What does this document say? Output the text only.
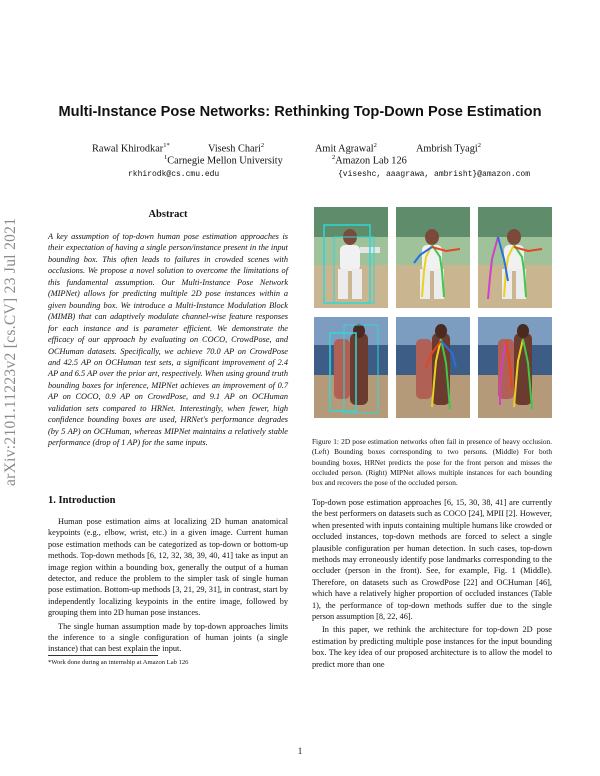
arXiv:2101.11223v2 [cs.CV] 23 Jul 2021
Multi-Instance Pose Networks: Rethinking Top-Down Pose Estimation
Rawal Khirodkar$^{1*}$	Visesh Chari$^2$	Amit Agrawal$^2$	Ambrish Tyagi$^2$
$^1$Carnegie Mellon University	$^2$Amazon Lab 126
rkhirodk@cs.cmu.edu	{viseshc, aaagrawa, ambrisht}@amazon.com
Abstract
A key assumption of top-down human pose estimation approaches is their expectation of having a single person/instance present in the input bounding box. This often leads to failures in crowded scenes with occlusions. We propose a novel solution to overcome the limitations of this fundamental assumption. Our Multi-Instance Pose Network (MIPNet) allows for predicting multiple 2D pose instances within a given bounding box. We introduce a Multi-Instance Modulation Block (MIMB) that can adaptively modulate channel-wise feature responses for each instance and is parameter efficient. We demonstrate the efficacy of our approach by evaluating on COCO, CrowdPose, and OCHuman datasets. Specifically, we achieve 70.0 AP on CrowdPose and 42.5 AP on OCHuman test sets, a significant improvement of 2.4 AP and 6.5 AP over the prior art, respectively. When using ground truth bounding boxes for inference, MIPNet achieves an improvement of 0.7 AP on COCO, 0.9 AP on CrowdPose, and 9.1 AP on OCHuman validation sets compared to HRNet. Interestingly, when fewer, high confidence bounding boxes are used, HRNet's performance degrades (by 5 AP) on OCHuman, whereas MIPNet maintains a relatively stable performance (drop of 1 AP) for the same inputs.
1. Introduction

Human pose estimation aims at localizing 2D human anatomical keypoints (e.g., elbow, wrist, etc.) in a given image. Current human pose estimation methods can be categorized as top-down or bottom-up methods. Top-down methods [6, 12, 32, 38, 39, 40, 41] take as input an image region within a bounding box, generally the output of a human detector, and reduce the problem to the simpler task of single human pose estimation. Bottom-up methods [3, 21, 29, 31], in contrast, start by independently localizing keypoints in the entire image, followed by grouping them into 2D human pose instances.

The single human assumption made by top-down approaches limits the inference to a single configuration of human joints (a single instance) that can best explain the input.

*Work done during an internship at Amazon Lab 126
Figure 1: 2D pose estimation networks often fail in presence of heavy occlusion. (Left) Bounding boxes corresponding to two persons. (Middle) For both bounding boxes, HRNet predicts the pose for the front person and misses the occluded person. (Right) MIPNet allows multiple instances for each bounding box and recovers the pose of the occluded person.

Top-down pose estimation approaches [6, 15, 30, 38, 41] are currently the best performers on datasets such as COCO [24], MPII [2]. However, when presented with inputs containing multiple humans like crowded or occluded instances, top-down methods are forced to select a single plausible configuration per human detection. In such cases, top-down methods may erroneously identify pose landmarks corresponding to the occluder (person in the front). See, for example, Fig. 1 (Middle). Therefore, on datasets such as CrowdPose [22] and OCHuman [46], which have a relatively higher proportion of occluded instances (Table 1), the performance of top-down methods suffer due to the single person assumption [8, 22, 46].

In this paper, we rethink the architecture for top-down 2D pose estimation by predicting multiple pose instances for the input bounding box. The key idea of our proposed architecture is to allow the model to predict more than one

1
